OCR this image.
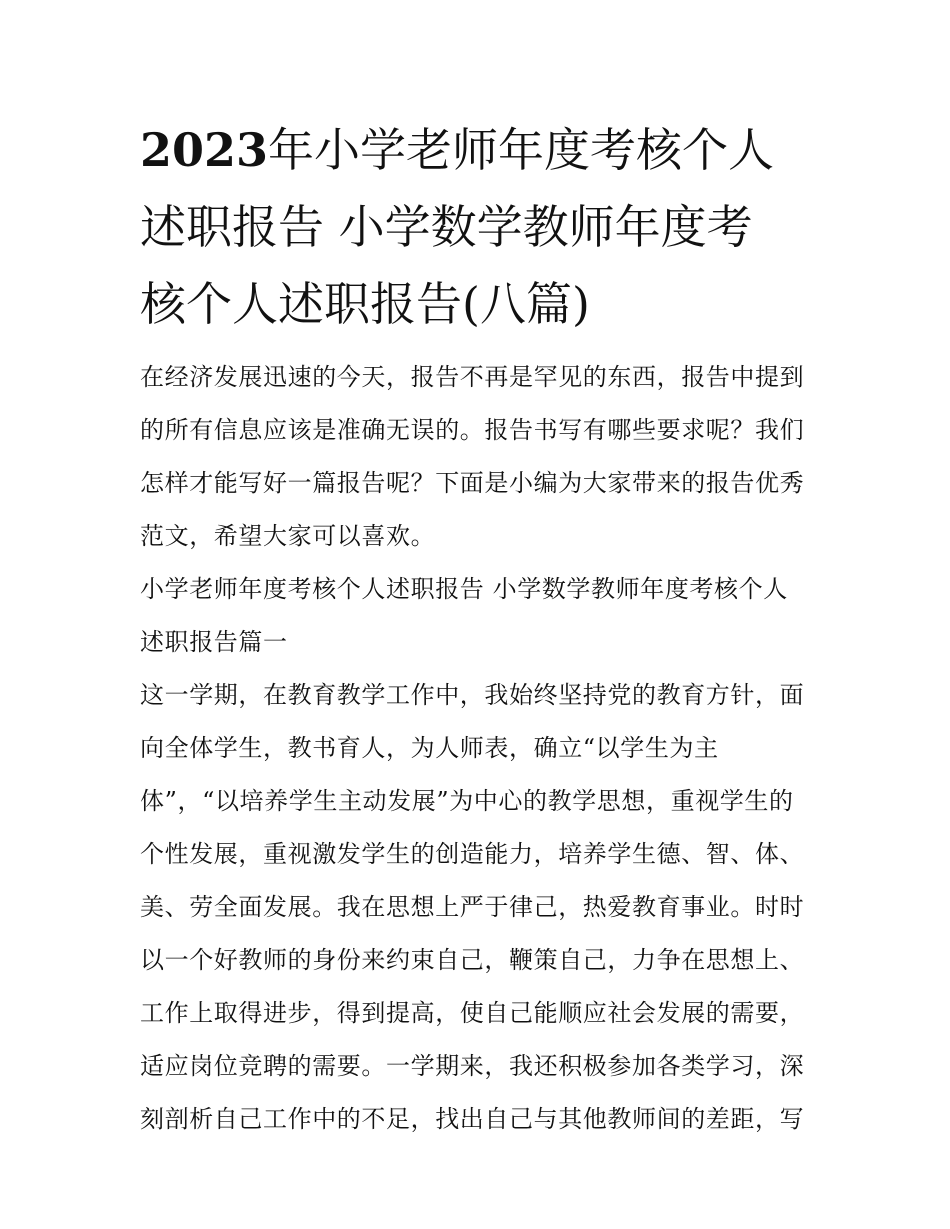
2023年小学老师年度考核个人
述职报告 小学数学教师年度考
核个人述职报告(八篇)
在经济发展迅速的今天，报告不再是罕见的东西，报告中提到
的所有信息应该是准确无误的。报告书写有哪些要求呢？我们
怎样才能写好一篇报告呢？下面是小编为大家带来的报告优秀
范文，希望大家可以喜欢。
小学老师年度考核个人述职报告 小学数学教师年度考核个人
述职报告篇一
这一学期，在教育教学工作中，我始终坚持党的教育方针，面
向全体学生，教书育人，为人师表，确立“以学生为主
体”，“以培养学生主动发展”为中心的教学思想，重视学生的
个性发展，重视激发学生的创造能力，培养学生德、智、体、
美、劳全面发展。我在思想上严于律己，热爱教育事业。时时
以一个好教师的身份来约束自己，鞭策自己，力争在思想上、
工作上取得进步，得到提高，使自己能顺应社会发展的需要，
适应岗位竞聘的需要。一学期来，我还积极参加各类学习，深
刻剖析自己工作中的不足，找出自己与其他教师间的差距，写
